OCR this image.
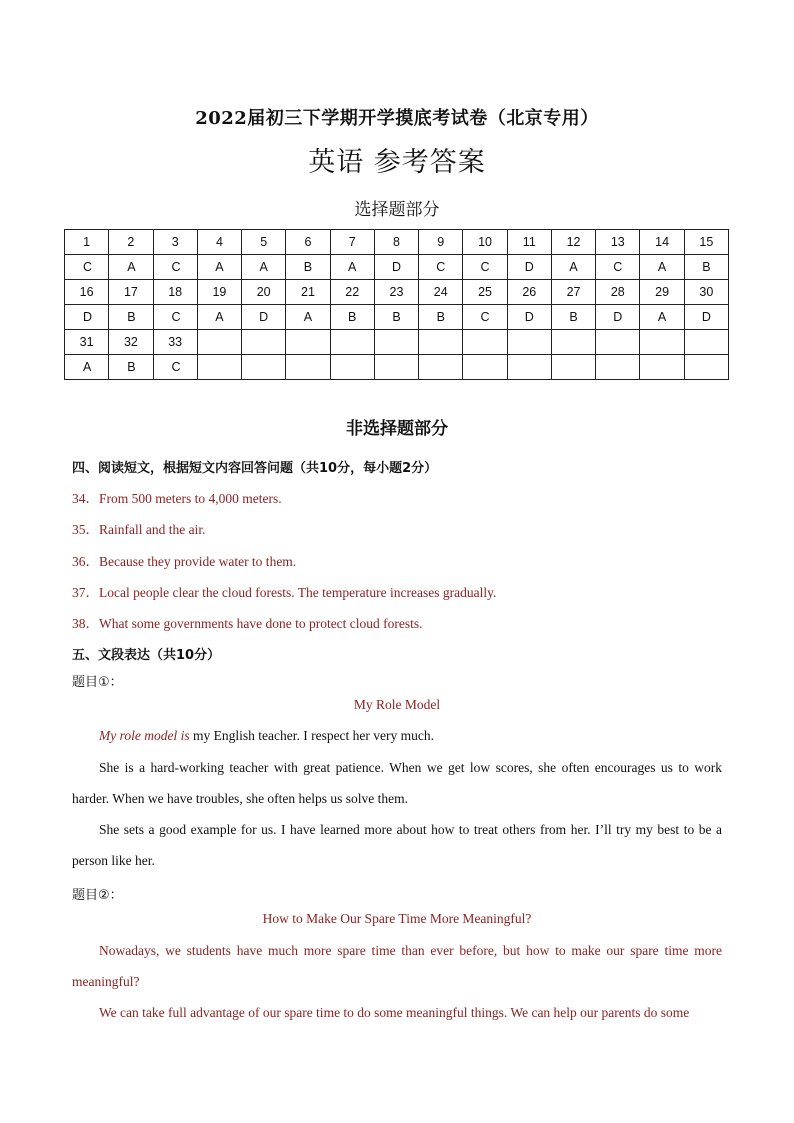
2022届初三下学期开学摸底考试卷（北京专用）
英语 参考答案
选择题部分
1	2	3	4	5	6	7	8	9	10	11	12	13	14	15
C	A	C	A	A	B	A	D	C	C	D	A	C	A	B
16	17	18	19	20	21	22	23	24	25	26	27	28	29	30
D	B	C	A	D	A	B	B	B	C	D	B	D	A	D
31	32	33												
A	B	C												
非选择题部分
四、阅读短文，根据短文内容回答问题（共10分，每小题2分）
34．From 500 meters to 4,000 meters.
35．Rainfall and the air.
36．Because they provide water to them.
37．Local people clear the cloud forests. The temperature increases gradually.
38．What some governments have done to protect cloud forests.
五、文段表达（共10分）
题目①：
My Role Model
My role model is my English teacher. I respect her very much.
She is a hard-working teacher with great patience. When we get low scores, she often encourages us to work harder. When we have troubles, she often helps us solve them.
She sets a good example for us. I have learned more about how to treat others from her. I’ll try my best to be a person like her.
题目②：
How to Make Our Spare Time More Meaningful?
Nowadays, we students have much more spare time than ever before, but how to make our spare time more meaningful?
We can take full advantage of our spare time to do some meaningful things. We can help our parents do some
